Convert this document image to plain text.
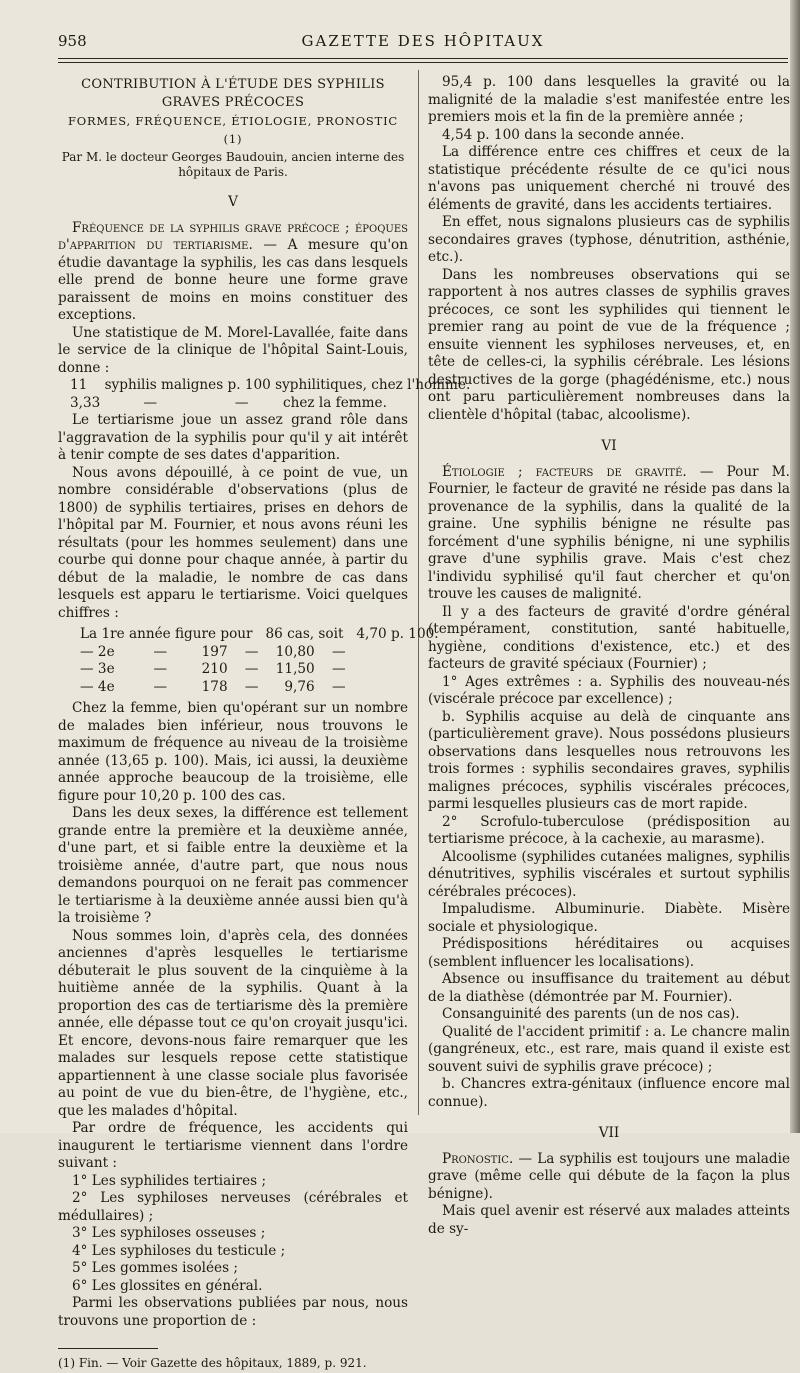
958	GAZETTE DES HÔPITAUX

CONTRIBUTION À L'ÉTUDE DES SYPHILIS GRAVES PRÉCOCES

FORMES, FRÉQUENCE, ÉTIOLOGIE, PRONOSTIC (1)

Par M. le docteur Georges Baudouin, ancien interne des hôpitaux de Paris.

V

Fréquence de la syphilis grave précoce ; époques d'apparition du tertiarisme. — A mesure qu'on étudie davantage la syphilis, les cas dans lesquels elle prend de bonne heure une forme grave paraissent de moins en moins constituer des exceptions.

Une statistique de M. Morel-Lavallée, faite dans le service de la clinique de l'hôpital Saint-Louis, donne :

11    syphilis malignes p. 100 syphilitiques, chez l'homme.

3,33          —                  —        chez la femme.

Le tertiarisme joue un assez grand rôle dans l'aggravation de la syphilis pour qu'il y ait intérêt à tenir compte de ses dates d'apparition.

Nous avons dépouillé, à ce point de vue, un nombre considérable d'observations (plus de 1800) de syphilis tertiaires, prises en dehors de l'hôpital par M. Fournier, et nous avons réuni les résultats (pour les hommes seulement) dans une courbe qui donne pour chaque année, à partir du début de la maladie, le nombre de cas dans lesquels est apparu le tertiarisme. Voici quelques chiffres :

La 1re année figure pour   86 cas, soit   4,70 p. 100.

— 2e         —        197    —    10,80    —

— 3e         —        210    —    11,50    —

— 4e         —        178    —      9,76    —

Chez la femme, bien qu'opérant sur un nombre de malades bien inférieur, nous trouvons le maximum de fréquence au niveau de la troisième année (13,65 p. 100). Mais, ici aussi, la deuxième année approche beaucoup de la troisième, elle figure pour 10,20 p. 100 des cas.

Dans les deux sexes, la différence est tellement grande entre la première et la deuxième année, d'une part, et si faible entre la deuxième et la troisième année, d'autre part, que nous nous demandons pourquoi on ne ferait pas commencer le tertiarisme à la deuxième année aussi bien qu'à la troisième ?

Nous sommes loin, d'après cela, des données anciennes d'après lesquelles le tertiarisme débuterait le plus souvent de la cinquième à la huitième année de la syphilis. Quant à la proportion des cas de tertiarisme dès la première année, elle dépasse tout ce qu'on croyait jusqu'ici. Et encore, devons-nous faire remarquer que les malades sur lesquels repose cette statistique appartiennent à une classe sociale plus favorisée au point de vue du bien-être, de l'hygiène, etc., que les malades d'hôpital.

Par ordre de fréquence, les accidents qui inaugurent le tertiarisme viennent dans l'ordre suivant :

1° Les syphilides tertiaires ;

2° Les syphiloses nerveuses (cérébrales et médullaires) ;

3° Les syphiloses osseuses ;

4° Les syphiloses du testicule ;

5° Les gommes isolées ;

6° Les glossites en général.

Parmi les observations publiées par nous, nous trouvons une proportion de :

(1) Fin. — Voir Gazette des hôpitaux, 1889, p. 921.

95,4 p. 100 dans lesquelles la gravité ou la malignité de la maladie s'est manifestée entre les premiers mois et la fin de la première année ;

4,54 p. 100 dans la seconde année.

La différence entre ces chiffres et ceux de la statistique précédente résulte de ce qu'ici nous n'avons pas uniquement cherché ni trouvé des éléments de gravité, dans les accidents tertiaires.

En effet, nous signalons plusieurs cas de syphilis secondaires graves (typhose, dénutrition, asthénie, etc.).

Dans les nombreuses observations qui se rapportent à nos autres classes de syphilis graves précoces, ce sont les syphilides qui tiennent le premier rang au point de vue de la fréquence ; ensuite viennent les syphiloses nerveuses, et, en tête de celles-ci, la syphilis cérébrale. Les lésions destructives de la gorge (phagédénisme, etc.) nous ont paru particulièrement nombreuses dans la clientèle d'hôpital (tabac, alcoolisme).

VI

Étiologie ; facteurs de gravité. — Pour M. Fournier, le facteur de gravité ne réside pas dans la provenance de la syphilis, dans la qualité de la graine. Une syphilis bénigne ne résulte pas forcément d'une syphilis bénigne, ni une syphilis grave d'une syphilis grave. Mais c'est chez l'individu syphilisé qu'il faut chercher et qu'on trouve les causes de malignité.

Il y a des facteurs de gravité d'ordre général (tempérament, constitution, santé habituelle, hygiène, conditions d'existence, etc.) et des facteurs de gravité spéciaux (Fournier) ;

1° Ages extrêmes : a. Syphilis des nouveau-nés (viscérale précoce par excellence) ;

b. Syphilis acquise au delà de cinquante ans (particulièrement grave). Nous possédons plusieurs observations dans lesquelles nous retrouvons les trois formes : syphilis secondaires graves, syphilis malignes précoces, syphilis viscérales précoces, parmi lesquelles plusieurs cas de mort rapide.

2° Scrofulo-tuberculose (prédisposition au tertiarisme précoce, à la cachexie, au marasme).

Alcoolisme (syphilides cutanées malignes, syphilis dénutritives, syphilis viscérales et surtout syphilis cérébrales précoces).

Impaludisme. Albuminurie. Diabète. Misère sociale et physiologique.

Prédispositions héréditaires ou acquises (semblent influencer les localisations).

Absence ou insuffisance du traitement au début de la diathèse (démontrée par M. Fournier).

Consanguinité des parents (un de nos cas).

Qualité de l'accident primitif : a. Le chancre malin (gangréneux, etc., est rare, mais quand il existe est souvent suivi de syphilis grave précoce) ;

b. Chancres extra-génitaux (influence encore mal connue).

VII

Pronostic. — La syphilis est toujours une maladie grave (même celle qui débute de la façon la plus bénigne).

Mais quel avenir est réservé aux malades atteints de sy-
